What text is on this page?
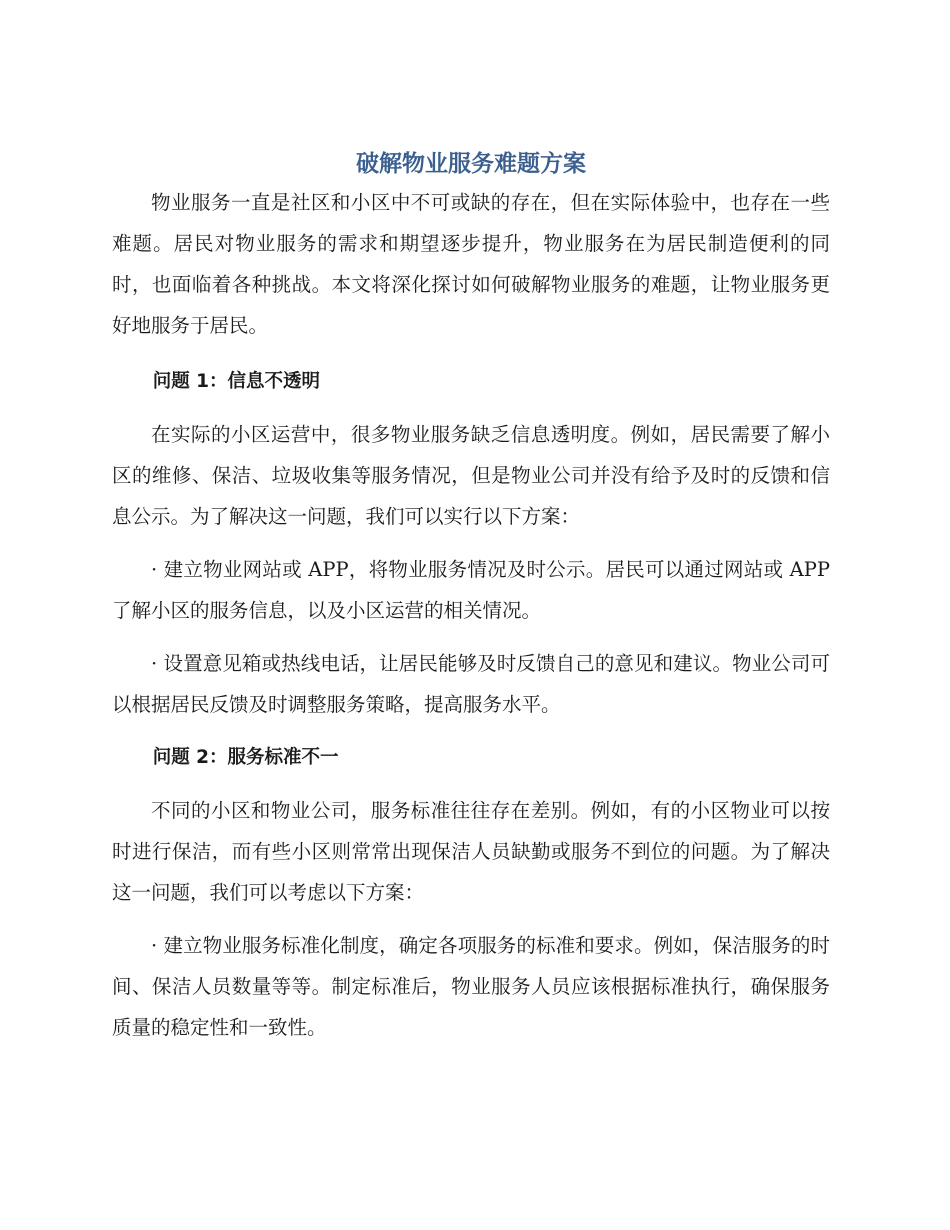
破解物业服务难题方案

物业服务一直是社区和小区中不可或缺的存在，但在实际体验中，也存在一些难题。居民对物业服务的需求和期望逐步提升，物业服务在为居民制造便利的同时，也面临着各种挑战。本文将深化探讨如何破解物业服务的难题，让物业服务更好地服务于居民。

问题 1：信息不透明

在实际的小区运营中，很多物业服务缺乏信息透明度。例如，居民需要了解小区的维修、保洁、垃圾收集等服务情况，但是物业公司并没有给予及时的反馈和信息公示。为了解决这一问题，我们可以实行以下方案：

· 建立物业网站或 APP，将物业服务情况及时公示。居民可以通过网站或 APP 了解小区的服务信息，以及小区运营的相关情况。

· 设置意见箱或热线电话，让居民能够及时反馈自己的意见和建议。物业公司可以根据居民反馈及时调整服务策略，提高服务水平。

问题 2：服务标准不一

不同的小区和物业公司，服务标准往往存在差别。例如，有的小区物业可以按时进行保洁，而有些小区则常常出现保洁人员缺勤或服务不到位的问题。为了解决这一问题，我们可以考虑以下方案：

· 建立物业服务标准化制度，确定各项服务的标准和要求。例如，保洁服务的时间、保洁人员数量等等。制定标准后，物业服务人员应该根据标准执行，确保服务质量的稳定性和一致性。
